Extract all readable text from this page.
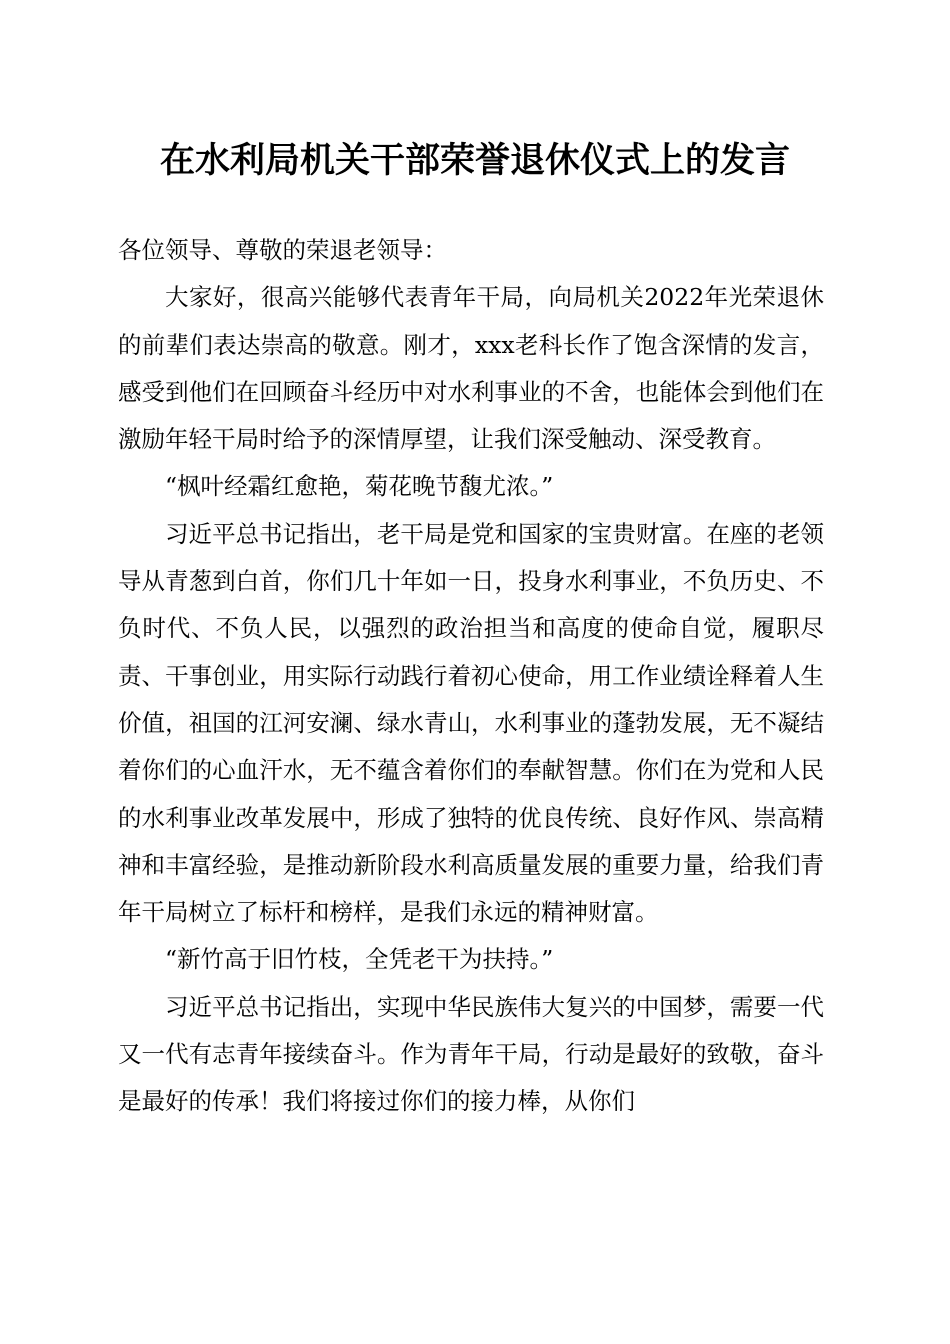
在水利局机关干部荣誉退休仪式上的发言

各位领导、尊敬的荣退老领导：

大家好，很高兴能够代表青年干局，向局机关2022年光荣退休的前辈们表达崇高的敬意。刚才，xxx老科长作了饱含深情的发言，感受到他们在回顾奋斗经历中对水利事业的不舍，也能体会到他们在激励年轻干局时给予的深情厚望，让我们深受触动、深受教育。

“枫叶经霜红愈艳，菊花晚节馥尤浓。”

习近平总书记指出，老干局是党和国家的宝贵财富。在座的老领导从青葱到白首，你们几十年如一日，投身水利事业，不负历史、不负时代、不负人民，以强烈的政治担当和高度的使命自觉，履职尽责、干事创业，用实际行动践行着初心使命，用工作业绩诠释着人生价值，祖国的江河安澜、绿水青山，水利事业的蓬勃发展，无不凝结着你们的心血汗水，无不蕴含着你们的奉献智慧。你们在为党和人民的水利事业改革发展中，形成了独特的优良传统、良好作风、崇高精神和丰富经验，是推动新阶段水利高质量发展的重要力量，给我们青年干局树立了标杆和榜样，是我们永远的精神财富。

“新竹高于旧竹枝，全凭老干为扶持。”

习近平总书记指出，实现中华民族伟大复兴的中国梦，需要一代又一代有志青年接续奋斗。作为青年干局，行动是最好的致敬，奋斗是最好的传承！我们将接过你们的接力棒，从你们
